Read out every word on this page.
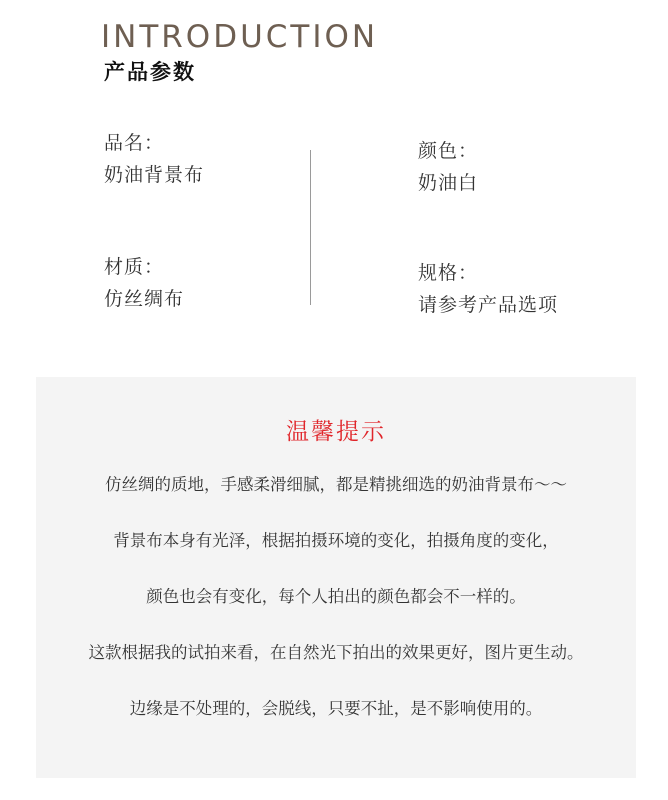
INTRODUCTION
产品参数
品名：
奶油背景布
颜色：
奶油白
材质：
仿丝绸布
规格：
请参考产品选项
温馨提示
仿丝绸的质地，手感柔滑细腻，都是精挑细选的奶油背景布～～
背景布本身有光泽，根据拍摄环境的变化，拍摄角度的变化，
颜色也会有变化，每个人拍出的颜色都会不一样的。
这款根据我的试拍来看，在自然光下拍出的效果更好，图片更生动。
边缘是不处理的，会脱线，只要不扯，是不影响使用的。
